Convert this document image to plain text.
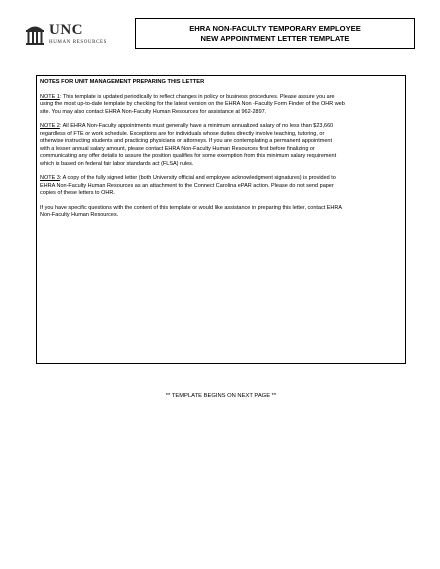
UNC
HUMAN RESOURCES
EHRA NON-FACULTY TEMPORARY EMPLOYEE
NEW APPOINTMENT LETTER TEMPLATE
NOTES FOR UNIT MANAGEMENT PREPARING THIS LETTER
NOTE 1: This template is updated periodically to reflect changes in policy or business procedures. Please assure you are
using the most up-to-date template by checking for the latest version on the EHRA Non -Faculty Form Finder of the OHR web
site. You may also contact EHRA Non-Faculty Human Resources for assistance at 962-2897.
NOTE 2: All EHRA Non-Faculty appointments must generally have a minimum annualized salary of no less than $23,660
regardless of FTE or work schedule. Exceptions are for individuals whose duties directly involve teaching, tutoring, or
otherwise instructing students and practicing physicians or attorneys. If you are contemplating a permanent appointment
with a lesser annual salary amount, please contact EHRA Non-Faculty Human Resources first before finalizing or
communicating any offer details to assure the position qualifies for some exemption from this minimum salary requirement
which is based on federal fair labor standards act (FLSA) rules.
NOTE 3: A copy of the fully signed letter (both University official and employee acknowledgment signatures) is provided to
EHRA Non-Faculty Human Resources as an attachment to the Connect Carolina ePAR action. Please do not send paper
copies of these letters to OHR.
If you have specific questions with the content of this template or would like assistance in preparing this letter, contact EHRA
Non-Faculty Human Resources.
** TEMPLATE BEGINS ON NEXT PAGE **
